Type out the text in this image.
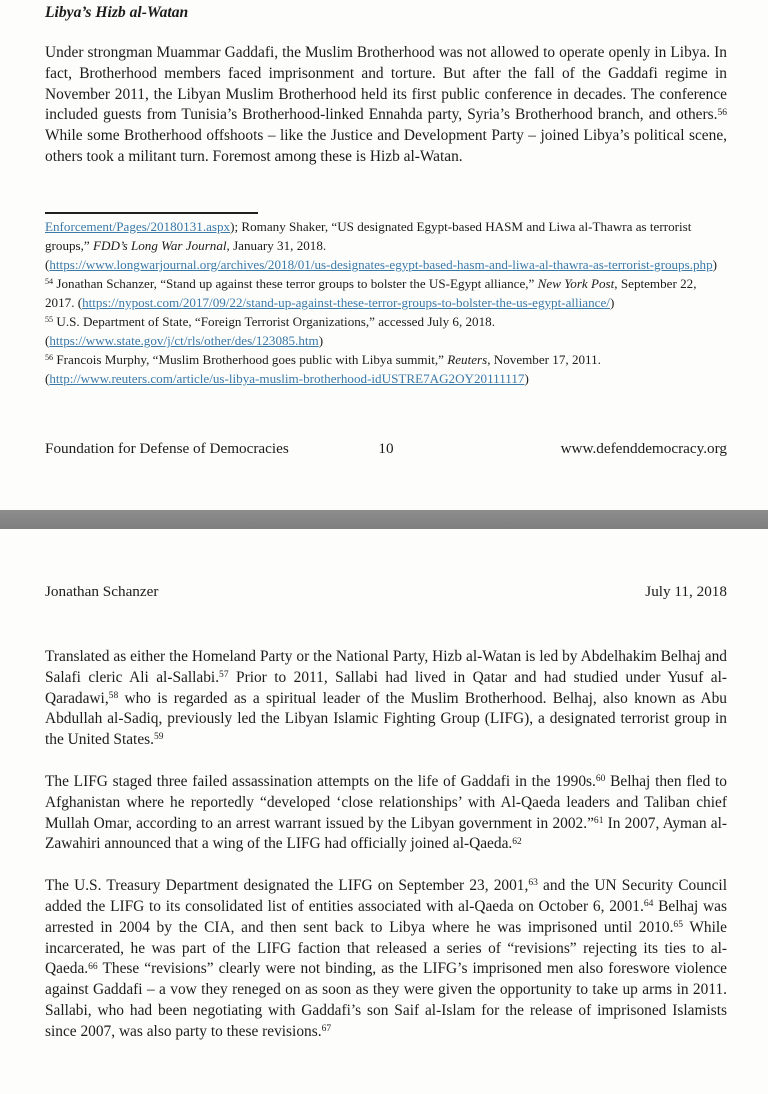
Libya’s Hizb al-Watan
Under strongman Muammar Gaddafi, the Muslim Brotherhood was not allowed to operate openly in Libya. In fact, Brotherhood members faced imprisonment and torture. But after the fall of the Gaddafi regime in November 2011, the Libyan Muslim Brotherhood held its first public conference in decades. The conference included guests from Tunisia’s Brotherhood-linked Ennahda party, Syria’s Brotherhood branch, and others.$^{56}$ While some Brotherhood offshoots – like the Justice and Development Party – joined Libya’s political scene, others took a militant turn. Foremost among these is Hizb al-Watan.
Enforcement/Pages/20180131.aspx); Romany Shaker, “US designated Egypt-based HASM and Liwa al-Thawra as terrorist groups,” FDD’s Long War Journal, January 31, 2018.
(https://www.longwarjournal.org/archives/2018/01/us-designates-egypt-based-hasm-and-liwa-al-thawra-as-terrorist-groups.php)
$^{54}$ Jonathan Schanzer, “Stand up against these terror groups to bolster the US-Egypt alliance,” New York Post, September 22, 2017. (https://nypost.com/2017/09/22/stand-up-against-these-terror-groups-to-bolster-the-us-egypt-alliance/)
$^{55}$ U.S. Department of State, “Foreign Terrorist Organizations,” accessed July 6, 2018.
(https://www.state.gov/j/ct/rls/other/des/123085.htm)
$^{56}$ Francois Murphy, “Muslim Brotherhood goes public with Libya summit,” Reuters, November 17, 2011.
(http://www.reuters.com/article/us-libya-muslim-brotherhood-idUSTRE7AG2OY20111117)
Foundation for Defense of Democracies	10	www.defenddemocracy.org
Jonathan Schanzer	July 11, 2018
Translated as either the Homeland Party or the National Party, Hizb al-Watan is led by Abdelhakim Belhaj and Salafi cleric Ali al-Sallabi.$^{57}$ Prior to 2011, Sallabi had lived in Qatar and had studied under Yusuf al-Qaradawi,$^{58}$ who is regarded as a spiritual leader of the Muslim Brotherhood. Belhaj, also known as Abu Abdullah al-Sadiq, previously led the Libyan Islamic Fighting Group (LIFG), a designated terrorist group in the United States.$^{59}$
The LIFG staged three failed assassination attempts on the life of Gaddafi in the 1990s.$^{60}$ Belhaj then fled to Afghanistan where he reportedly “developed ‘close relationships’ with Al-Qaeda leaders and Taliban chief Mullah Omar, according to an arrest warrant issued by the Libyan government in 2002.”$^{61}$ In 2007, Ayman al-Zawahiri announced that a wing of the LIFG had officially joined al-Qaeda.$^{62}$
The U.S. Treasury Department designated the LIFG on September 23, 2001,63 and the UN Security Council added the LIFG to its consolidated list of entities associated with al-Qaeda on October 6, 2001.64 Belhaj was arrested in 2004 by the CIA, and then sent back to Libya where he was imprisoned until 2010.65 While incarcerated, he was part of the LIFG faction that released a series of “revisions” rejecting its ties to al-Qaeda.$^{66}$ These “revisions” clearly were not binding, as the LIFG’s imprisoned men also foreswore violence against Gaddafi – a vow they reneged on as soon as they were given the opportunity to take up arms in 2011. Sallabi, who had been negotiating with Gaddafi’s son Saif al-Islam for the release of imprisoned Islamists since 2007, was also party to these revisions.$^{67}$
